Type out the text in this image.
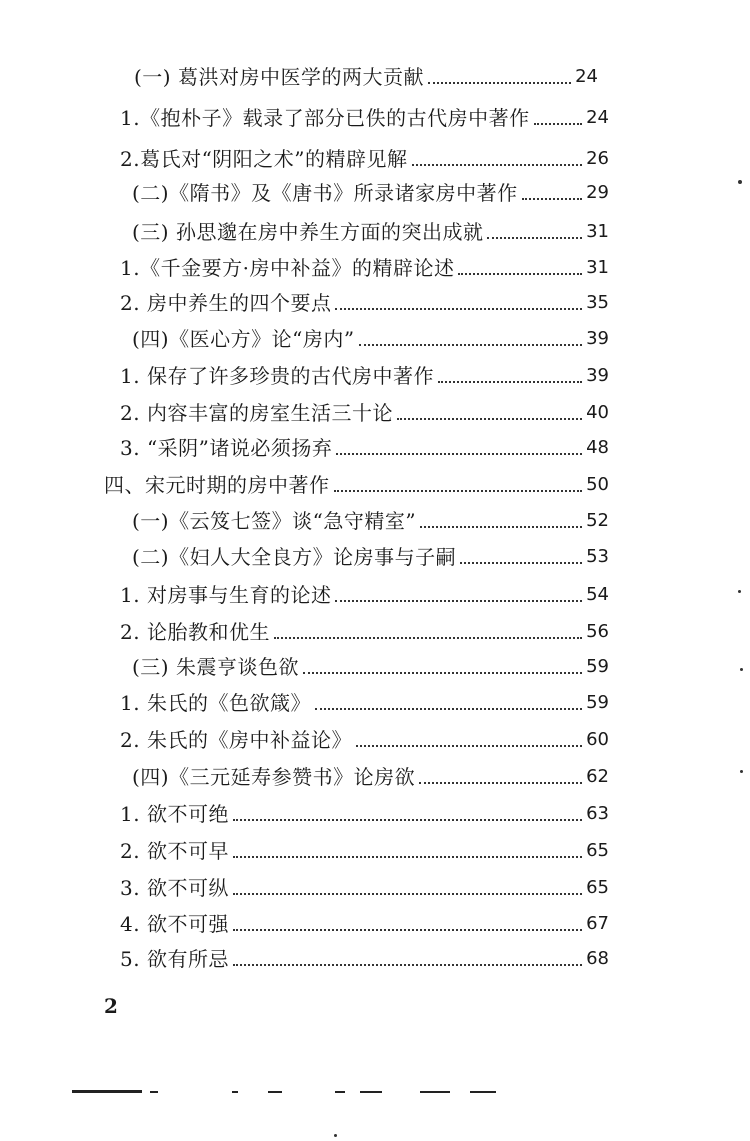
(一) 葛洪对房中医学的两大贡献	24
1.《抱朴子》载录了部分已佚的古代房中著作	24
2.葛氏对“阴阳之术”的精辟见解	26
(二)《隋书》及《唐书》所录诸家房中著作	29
(三) 孙思邈在房中养生方面的突出成就	31
1.《千金要方·房中补益》的精辟论述	31
2. 房中养生的四个要点	35
(四)《医心方》论“房内”	39
1. 保存了许多珍贵的古代房中著作	39
2. 内容丰富的房室生活三十论	40
3. “采阴”诸说必须扬弃	48
四、宋元时期的房中著作	50
(一)《云笈七签》谈“急守精室”	52
(二)《妇人大全良方》论房事与子嗣	53
1. 对房事与生育的论述	54
2. 论胎教和优生	56
(三) 朱震亨谈色欲	59
1. 朱氏的《色欲箴》	59
2. 朱氏的《房中补益论》	60
(四)《三元延寿参赞书》论房欲	62
1. 欲不可绝	63
2. 欲不可早	65
3. 欲不可纵	65
4. 欲不可强	67
5. 欲有所忌	68
2
